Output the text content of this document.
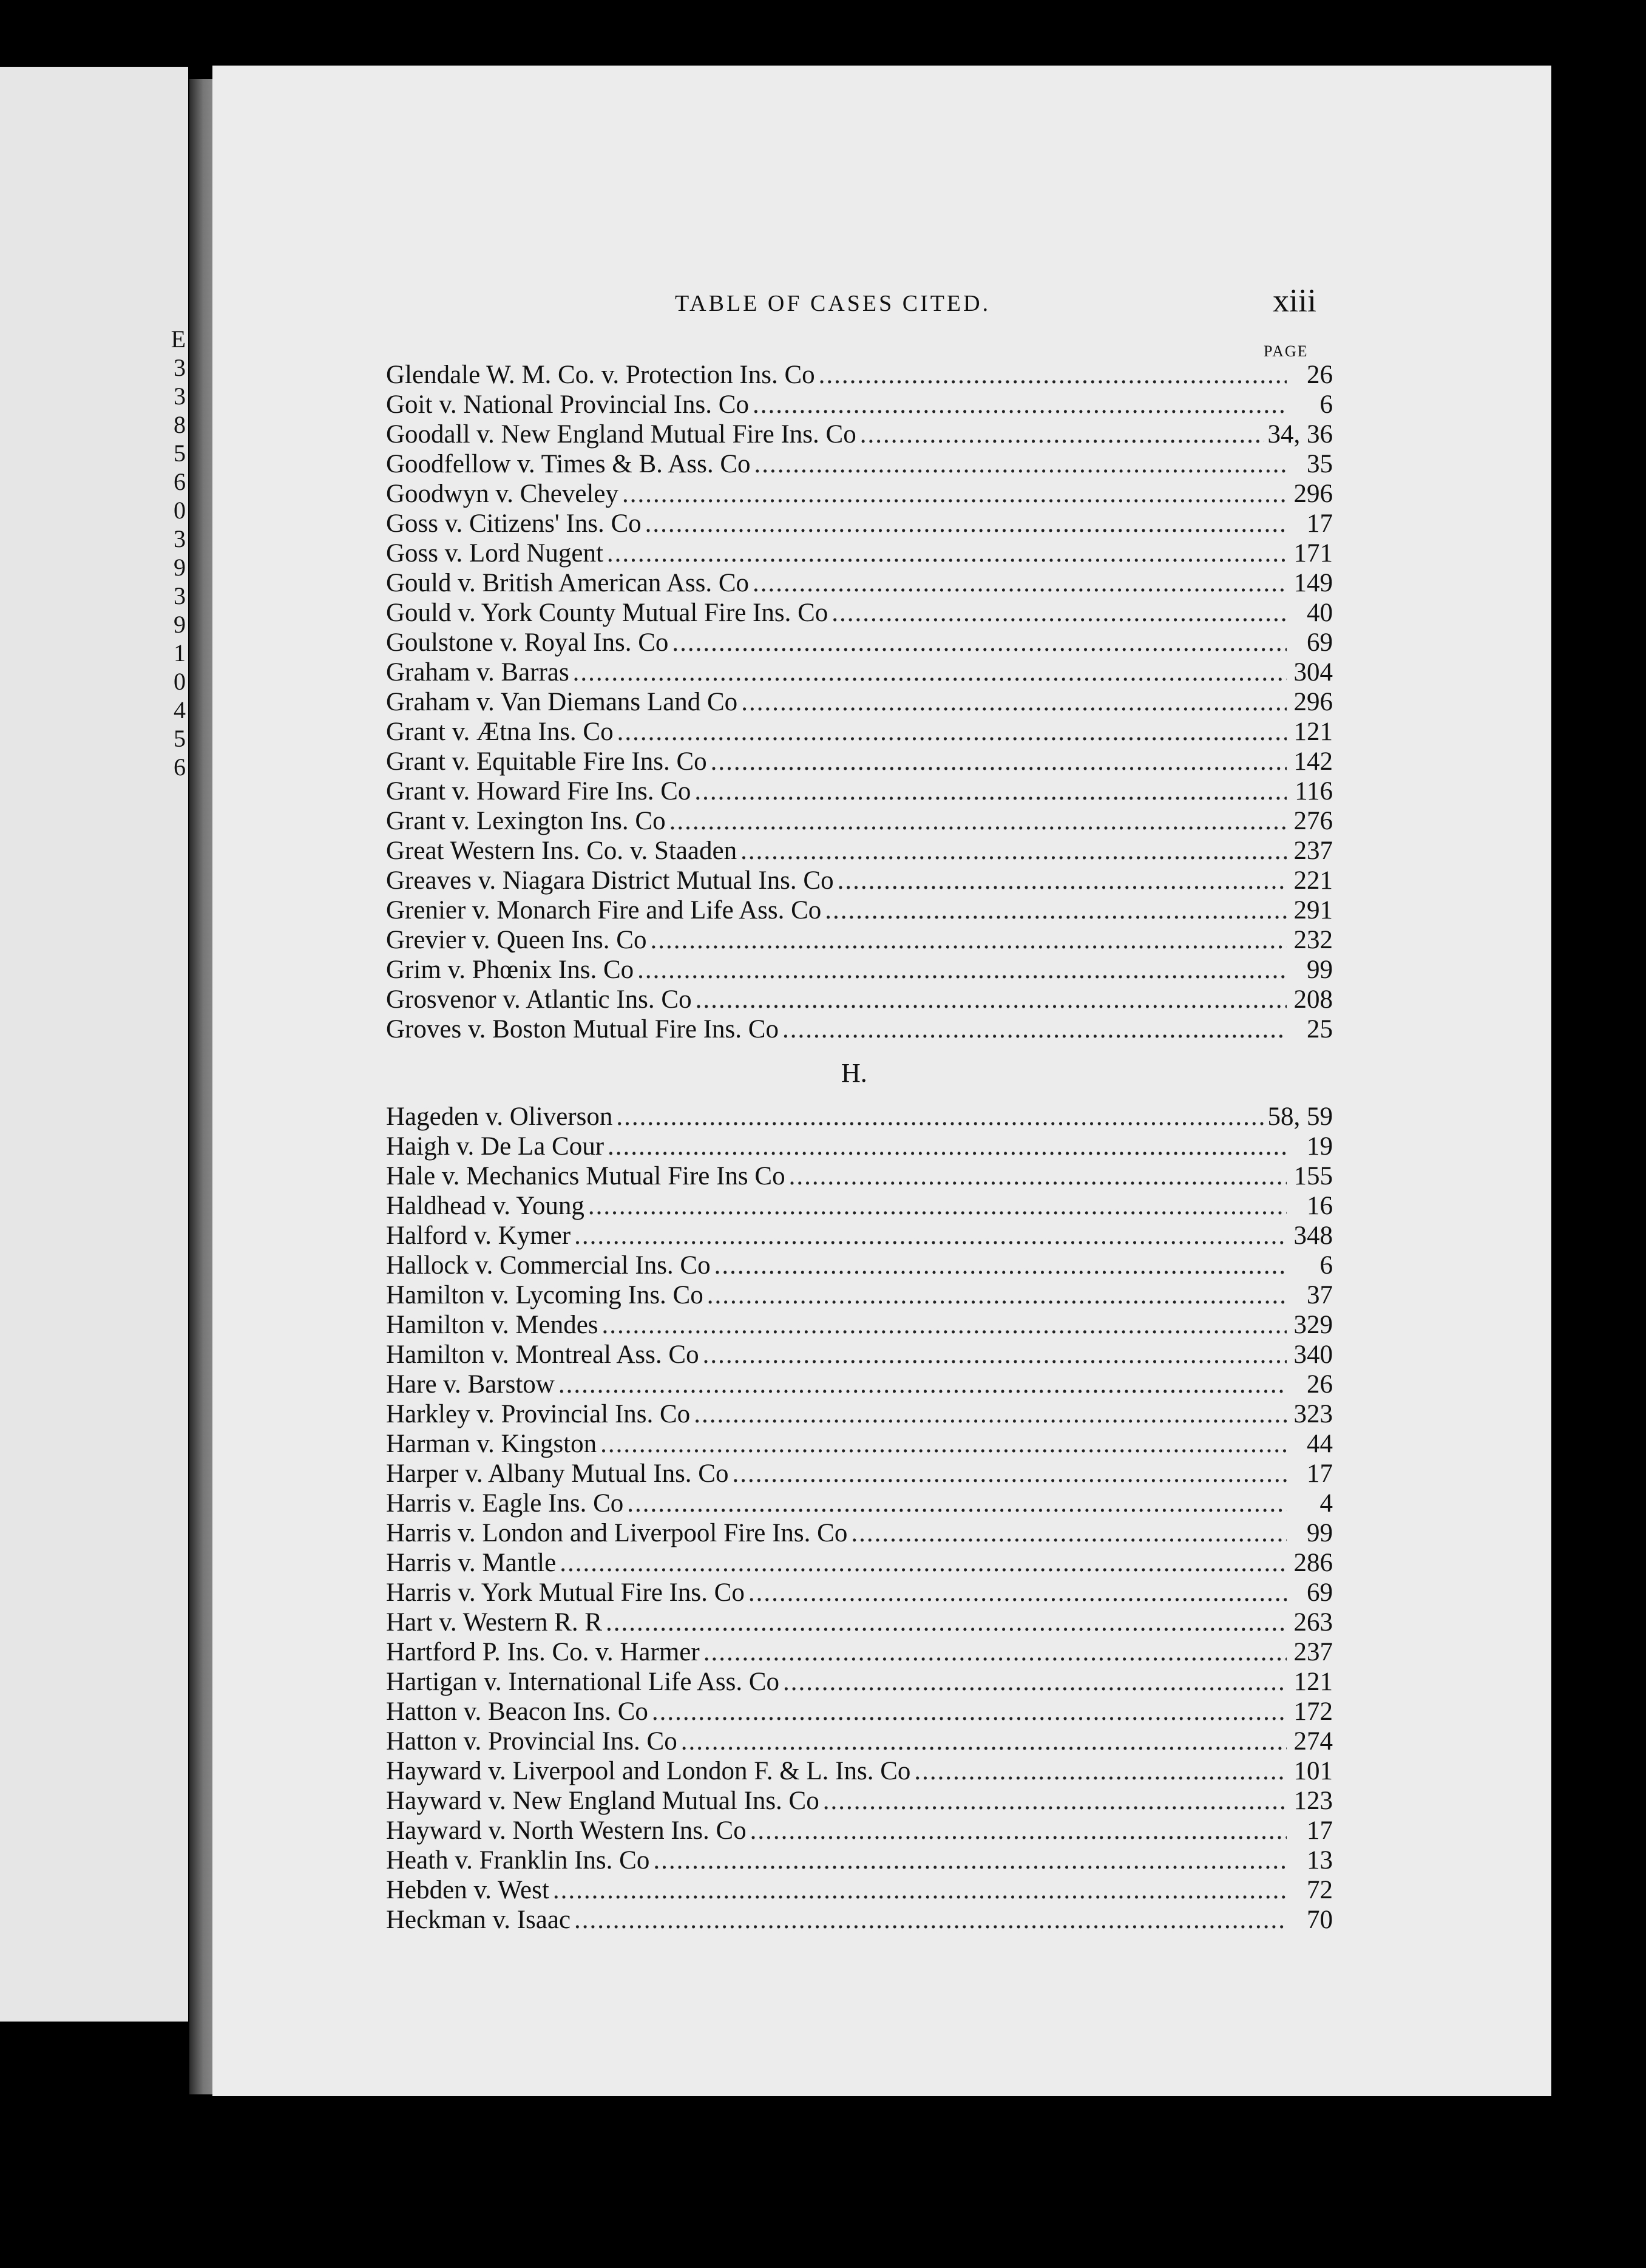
E
3
3
8
5
6
0
3
9
3
9
1
0
4
5
6
TABLE OF CASES CITED.	xiii
PAGE
Glendale W. M. Co. v. Protection Ins. Co .....	26
Goit v. National Provincial Ins. Co .....	6
Goodall v. New England Mutual Fire Ins. Co .....	34, 36
Goodfellow v. Times & B. Ass. Co .....	35
Goodwyn v. Cheveley .....	296
Goss v. Citizens' Ins. Co .....	17
Goss v. Lord Nugent .....	171
Gould v. British American Ass. Co .....	149
Gould v. York County Mutual Fire Ins. Co .....	40
Goulstone v. Royal Ins. Co .....	69
Graham v. Barras .....	304
Graham v. Van Diemans Land Co .....	296
Grant v. Ætna Ins. Co .....	121
Grant v. Equitable Fire Ins. Co .....	142
Grant v. Howard Fire Ins. Co .....	116
Grant v. Lexington Ins. Co .....	276
Great Western Ins. Co. v. Staaden .....	237
Greaves v. Niagara District Mutual Ins. Co .....	221
Grenier v. Monarch Fire and Life Ass. Co .....	291
Grevier v. Queen Ins. Co .....	232
Grim v. Phœnix Ins. Co .....	99
Grosvenor v. Atlantic Ins. Co .....	208
Groves v. Boston Mutual Fire Ins. Co .....	25
H.
Hageden v. Oliverson .....	58, 59
Haigh v. De La Cour .....	19
Hale v. Mechanics Mutual Fire Ins Co .....	155
Haldhead v. Young .....	16
Halford v. Kymer .....	348
Hallock v. Commercial Ins. Co .....	6
Hamilton v. Lycoming Ins. Co .....	37
Hamilton v. Mendes .....	329
Hamilton v. Montreal Ass. Co .....	340
Hare v. Barstow .....	26
Harkley v. Provincial Ins. Co .....	323
Harman v. Kingston .....	44
Harper v. Albany Mutual Ins. Co .....	17
Harris v. Eagle Ins. Co .....	4
Harris v. London and Liverpool Fire Ins. Co .....	99
Harris v. Mantle .....	286
Harris v. York Mutual Fire Ins. Co .....	69
Hart v. Western R. R .....	263
Hartford P. Ins. Co. v. Harmer .....	237
Hartigan v. International Life Ass. Co .....	121
Hatton v. Beacon Ins. Co .....	172
Hatton v. Provincial Ins. Co .....	274
Hayward v. Liverpool and London F. & L. Ins. Co .....	101
Hayward v. New England Mutual Ins. Co .....	123
Hayward v. North Western Ins. Co .....	17
Heath v. Franklin Ins. Co .....	13
Hebden v. West .....	72
Heckman v. Isaac .....	70
